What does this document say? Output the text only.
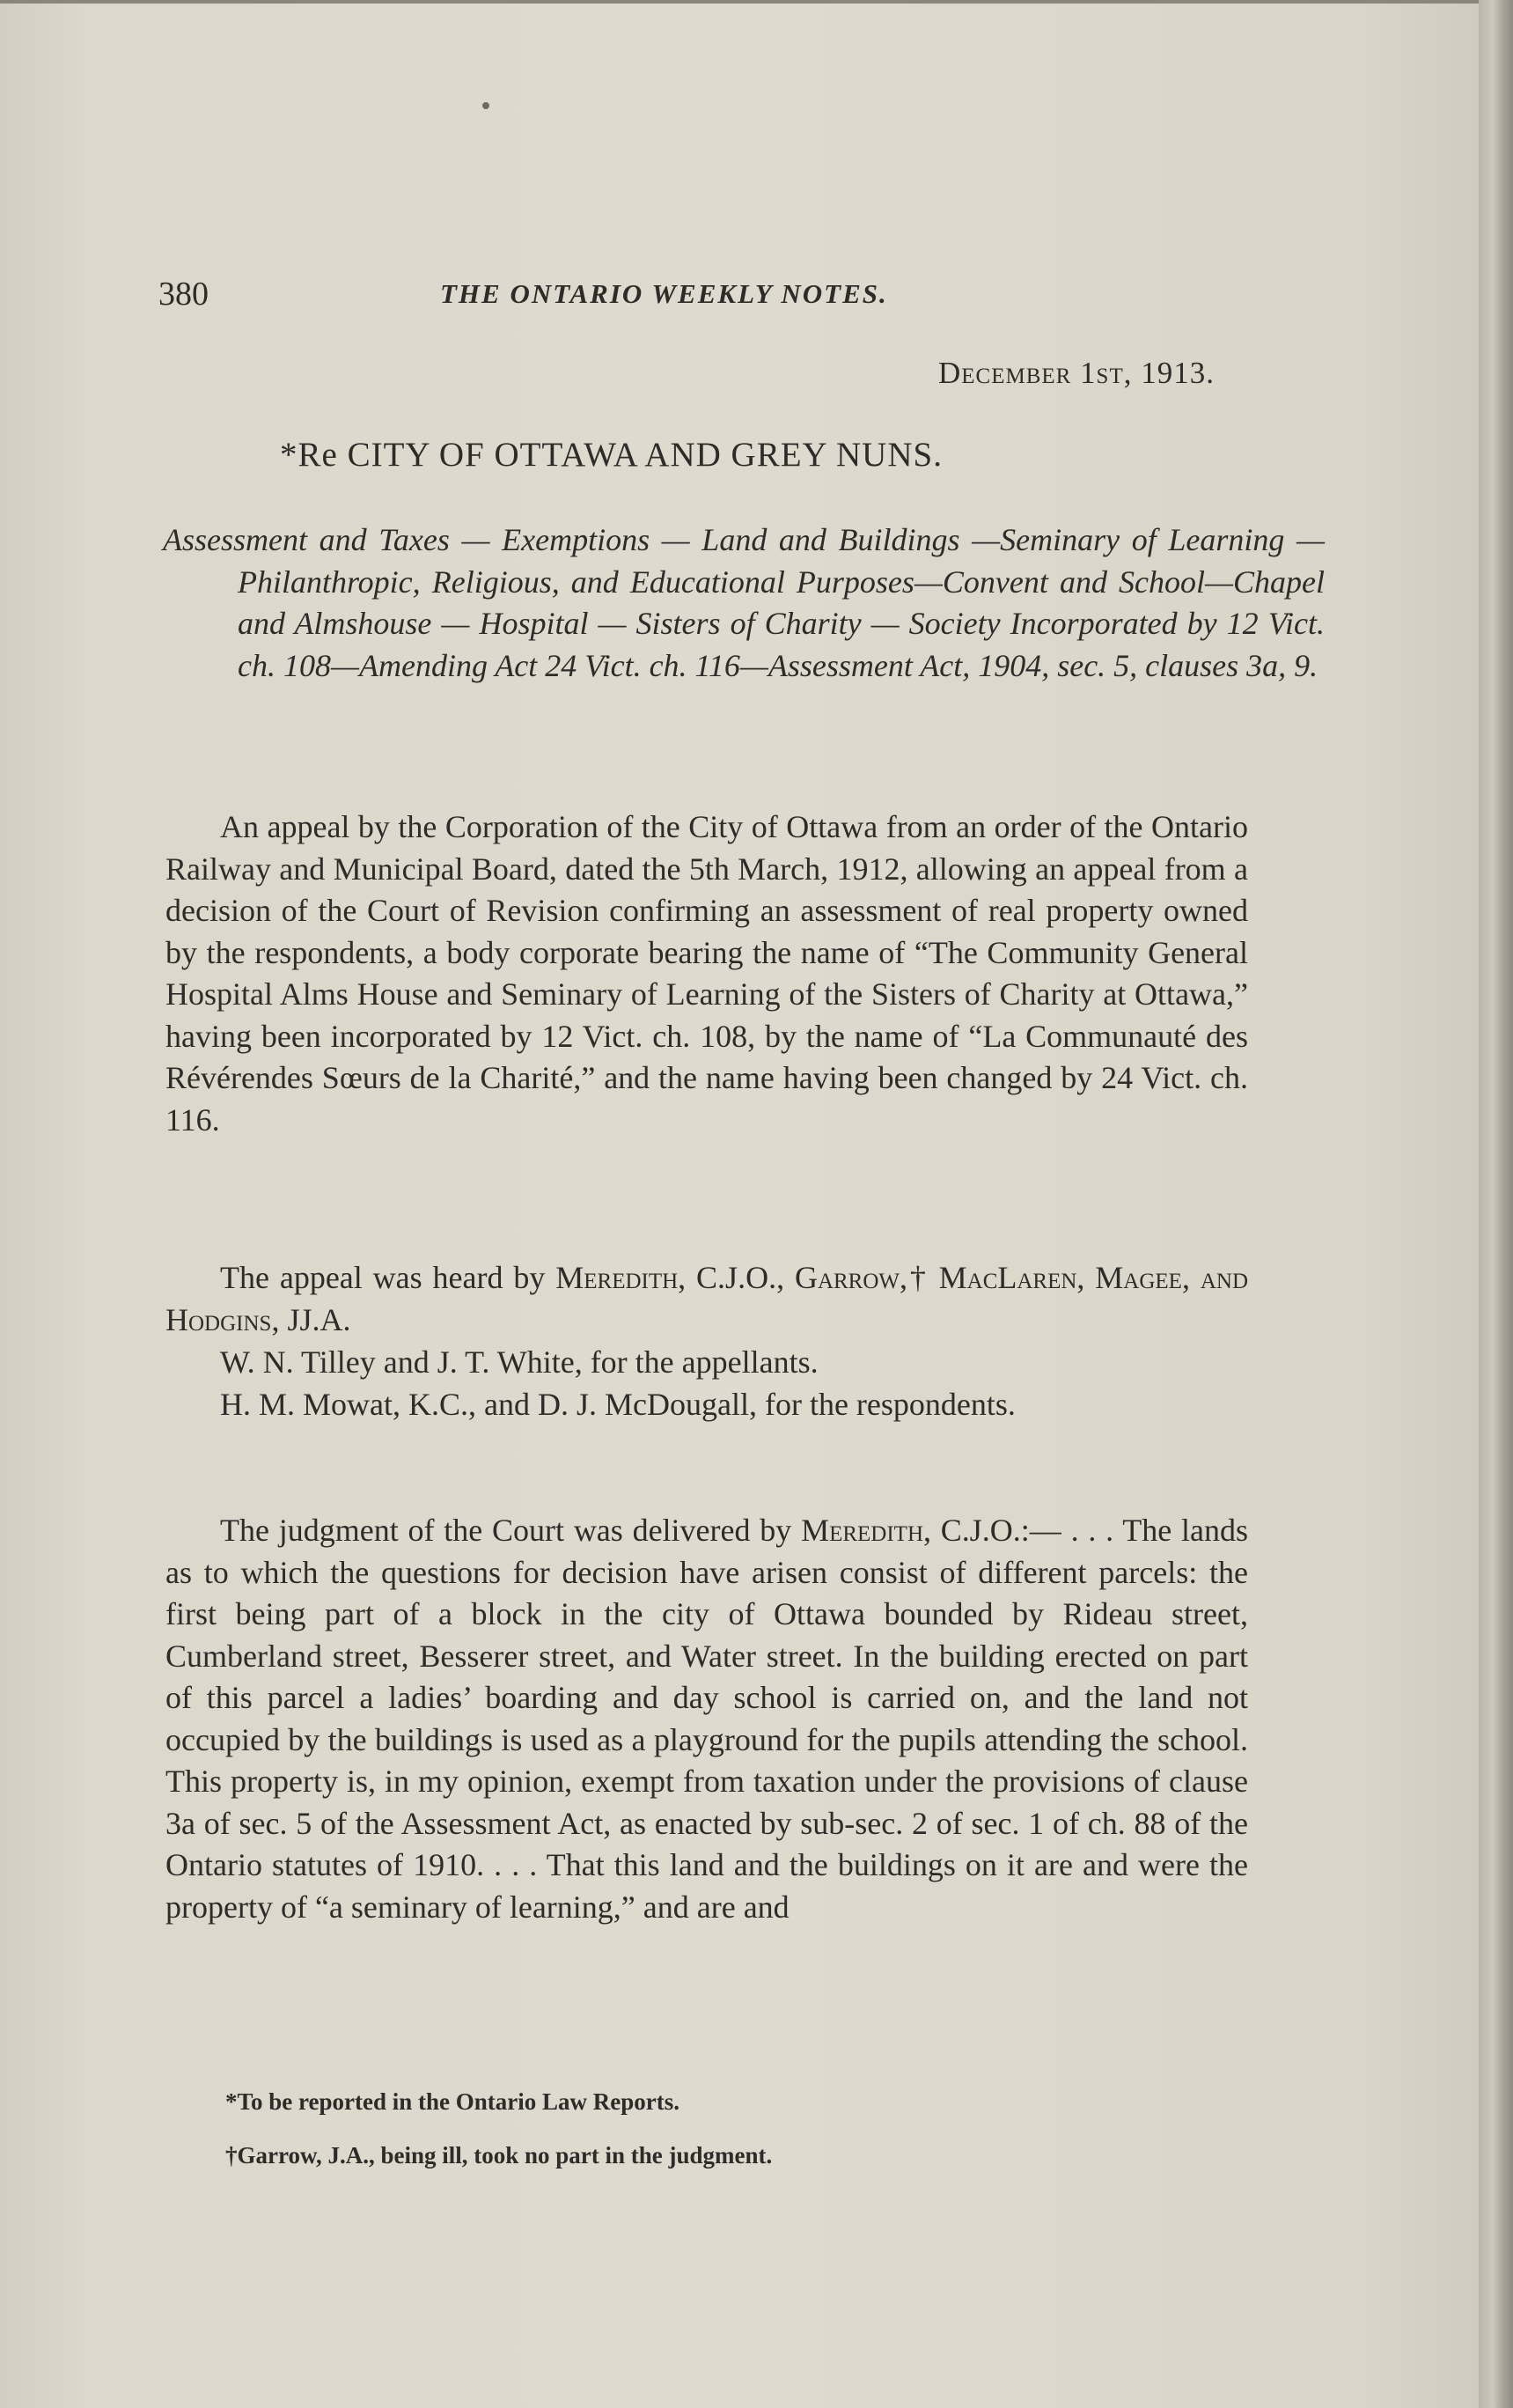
380	THE ONTARIO WEEKLY NOTES.
December 1st, 1913.
*Re CITY OF OTTAWA AND GREY NUNS.
Assessment and Taxes — Exemptions — Land and Buildings —Seminary of Learning — Philanthropic, Religious, and Educational Purposes—Convent and School—Chapel and Almshouse — Hospital — Sisters of Charity — Society Incorporated by 12 Vict. ch. 108—Amending Act 24 Vict. ch. 116—Assessment Act, 1904, sec. 5, clauses 3a, 9.

An appeal by the Corporation of the City of Ottawa from an order of the Ontario Railway and Municipal Board, dated the 5th March, 1912, allowing an appeal from a decision of the Court of Revision confirming an assessment of real property owned by the respondents, a body corporate bearing the name of “The Community General Hospital Alms House and Seminary of Learning of the Sisters of Charity at Ottawa,” having been incorporated by 12 Vict. ch. 108, by the name of “La Communauté des Révérendes Sœurs de la Charité,” and the name having been changed by 24 Vict. ch. 116.

The appeal was heard by Meredith, C.J.O., Garrow,† MacLaren, Magee, and Hodgins, JJ.A.

W. N. Tilley and J. T. White, for the appellants.

H. M. Mowat, K.C., and D. J. McDougall, for the respondents.

The judgment of the Court was delivered by Meredith, C.J.O.:— . . . The lands as to which the questions for decision have arisen consist of different parcels: the first being part of a block in the city of Ottawa bounded by Rideau street, Cumberland street, Besserer street, and Water street. In the building erected on part of this parcel a ladies’ boarding and day school is carried on, and the land not occupied by the buildings is used as a playground for the pupils attending the school. This property is, in my opinion, exempt from taxation under the provisions of clause 3a of sec. 5 of the Assessment Act, as enacted by sub-sec. 2 of sec. 1 of ch. 88 of the Ontario statutes of 1910. . . . That this land and the buildings on it are and were the property of “a seminary of learning,” and are and

*To be reported in the Ontario Law Reports.
†Garrow, J.A., being ill, took no part in the judgment.
